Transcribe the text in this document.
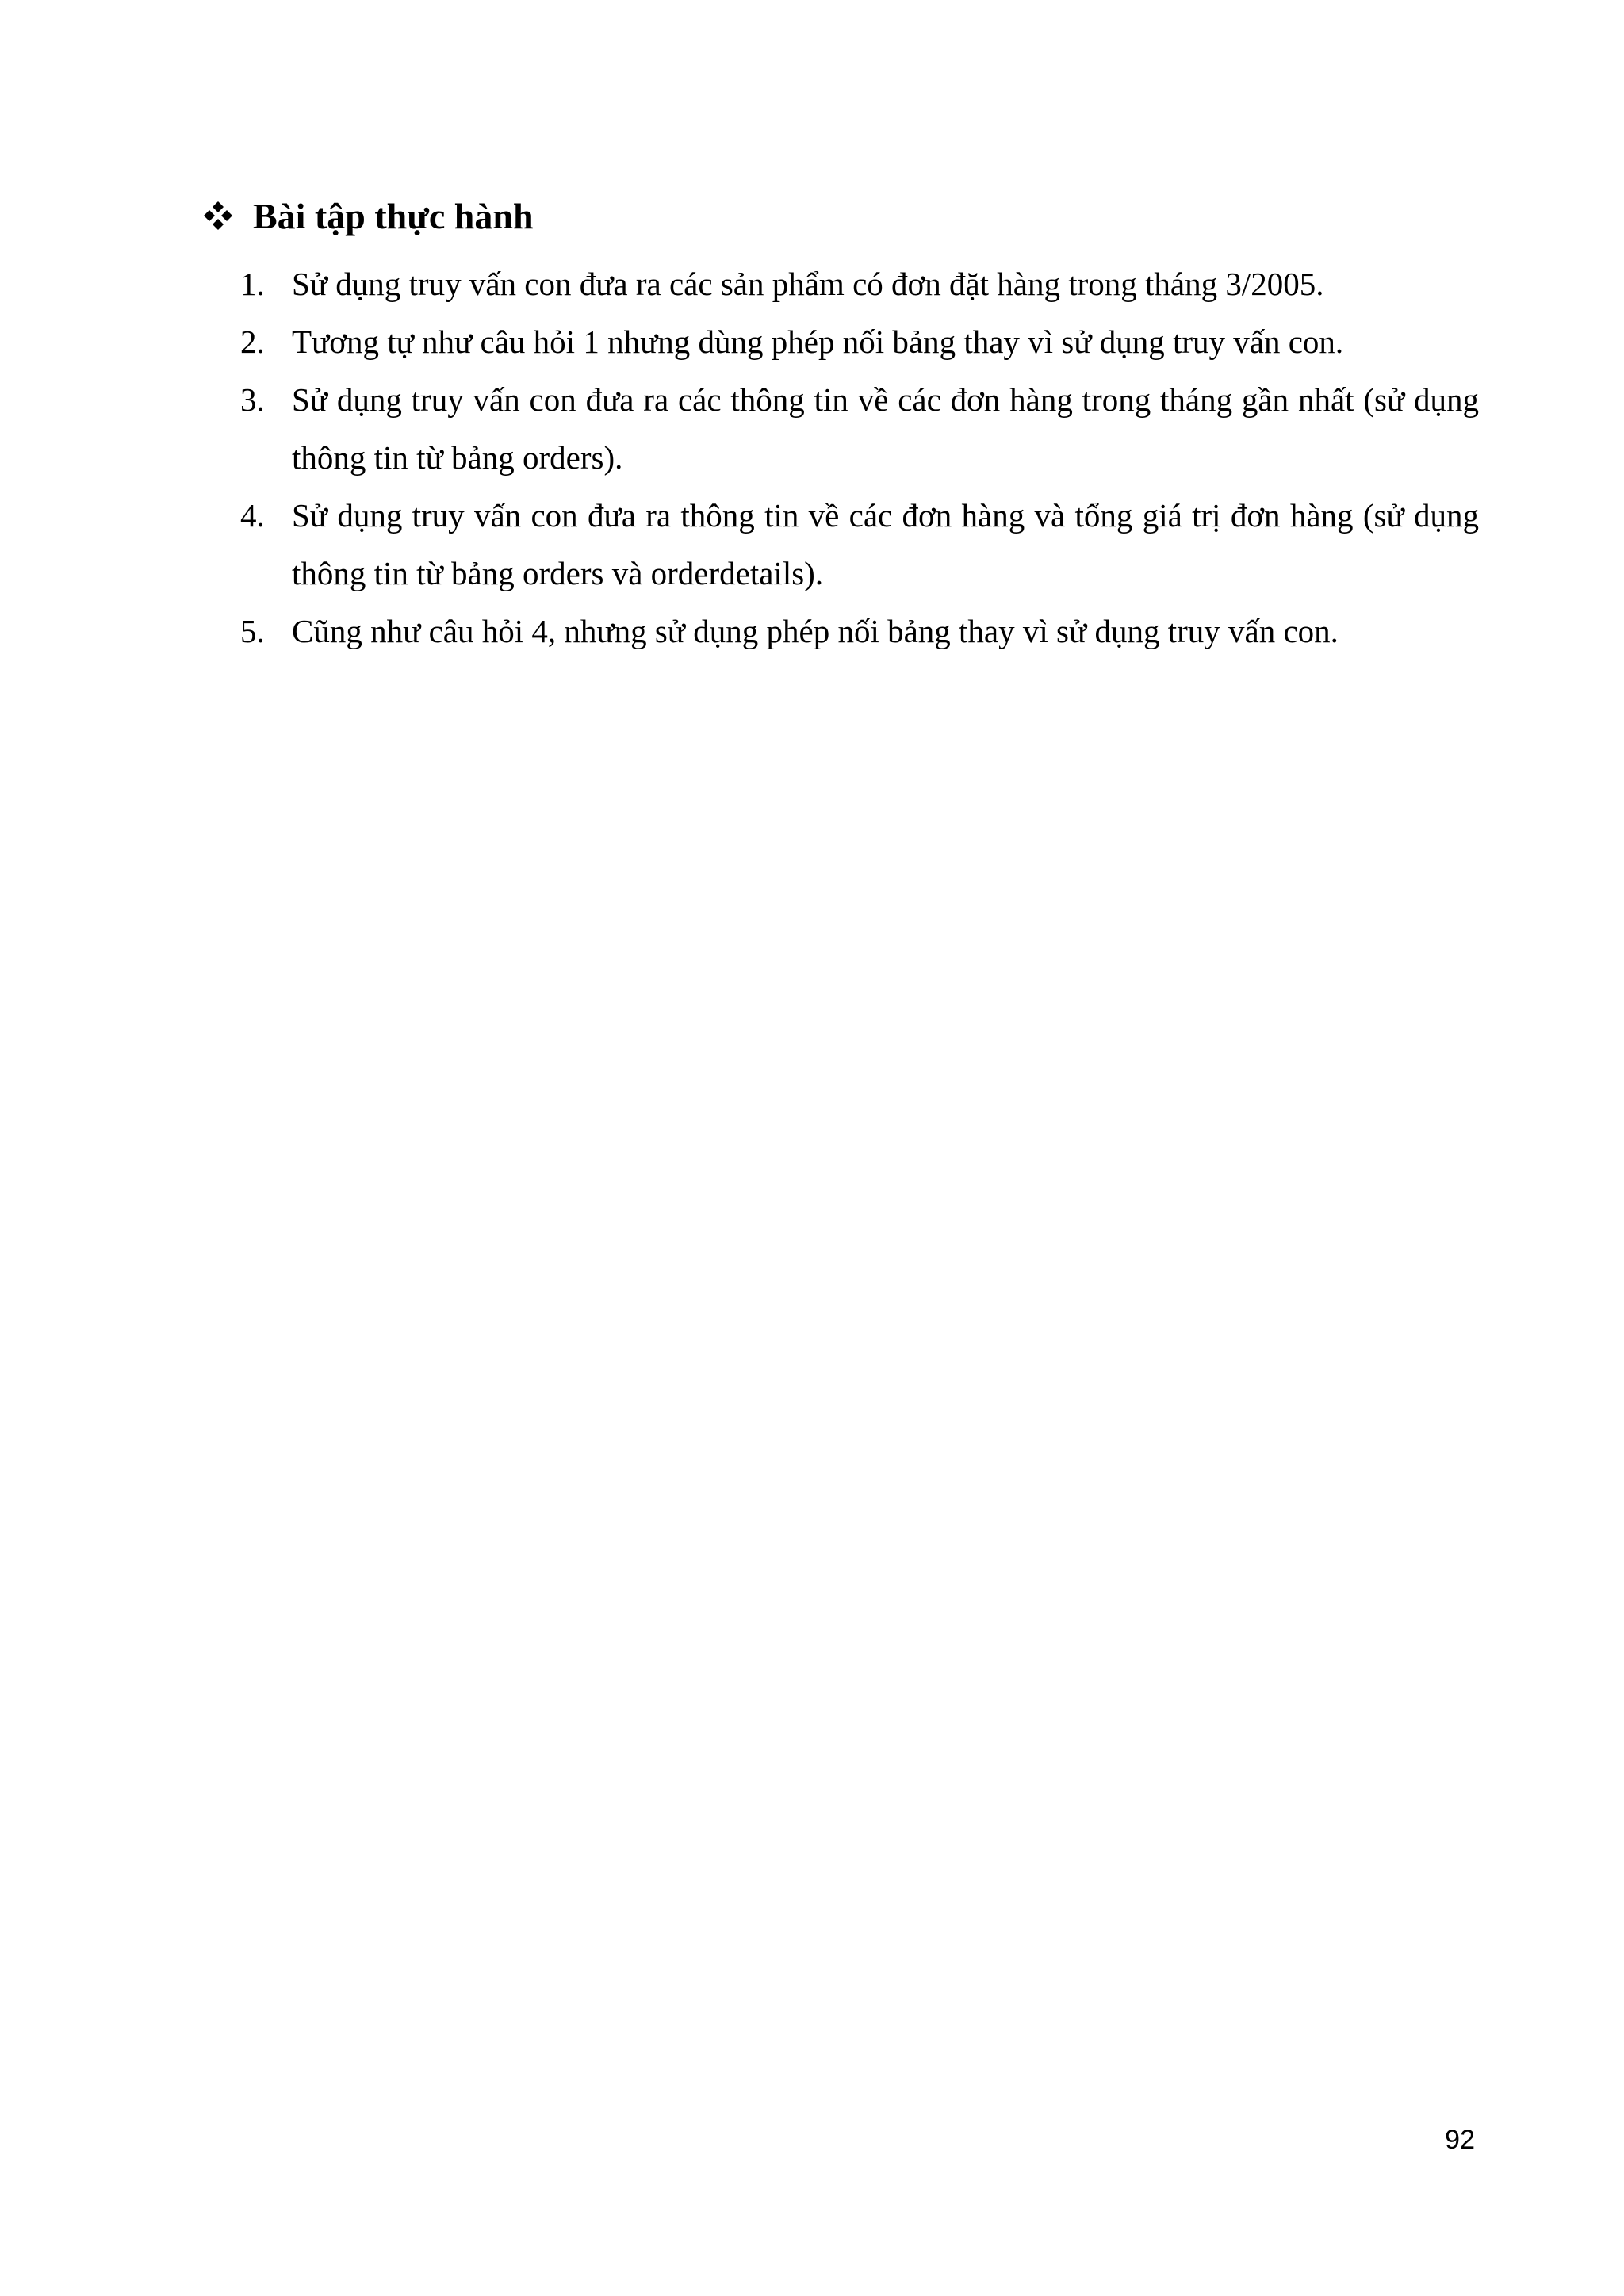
Bài tập thực hành
1. Sử dụng truy vấn con đưa ra các sản phẩm có đơn đặt hàng trong tháng 3/2005.
2. Tương tự như câu hỏi 1 nhưng dùng phép nối bảng thay vì sử dụng truy vấn con.
3. Sử dụng truy vấn con đưa ra các thông tin về các đơn hàng trong tháng gần nhất (sử dụng thông tin từ bảng orders).
4. Sử dụng truy vấn con đưa ra thông tin về các đơn hàng và tổng giá trị đơn hàng (sử dụng thông tin từ bảng orders và orderdetails).
5. Cũng như câu hỏi 4, nhưng sử dụng phép nối bảng thay vì sử dụng truy vấn con.
92
